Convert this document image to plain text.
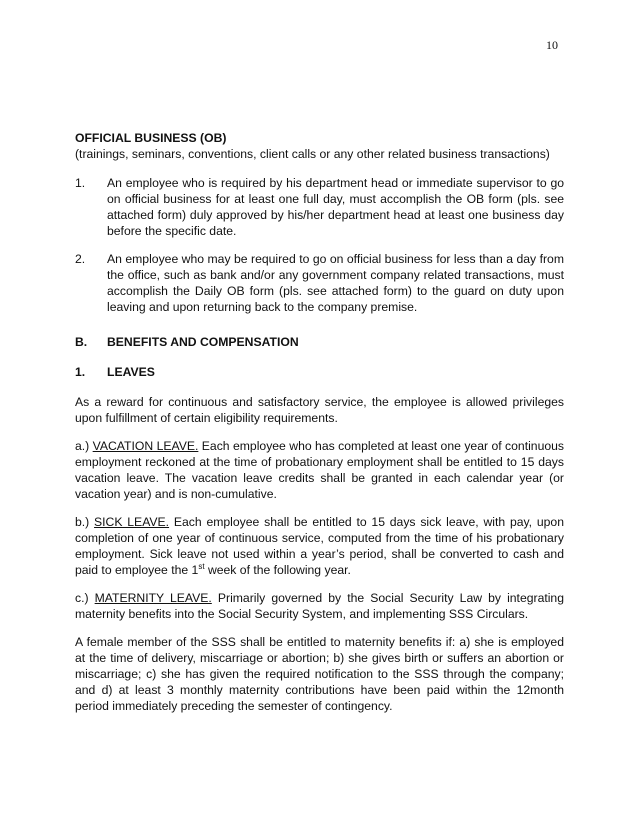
10

OFFICIAL BUSINESS (OB)

(trainings, seminars, conventions, client calls or any other related business transactions)

1.	An employee who is required by his department head or immediate supervisor to go on official business for at least one full day, must accomplish the OB form (pls. see attached form) duly approved by his/her department head at least one business day before the specific date.
2.	An employee who may be required to go on official business for less than a day from the office, such as bank and/or any government company related transactions, must accomplish the Daily OB form (pls. see attached form) to the guard on duty upon leaving and upon returning back to the company premise.
B.	BENEFITS AND COMPENSATION
1.	LEAVES

As a reward for continuous and satisfactory service, the employee is allowed privileges upon fulfillment of certain eligibility requirements.

a.) VACATION LEAVE. Each employee who has completed at least one year of continuous employment reckoned at the time of probationary employment shall be entitled to 15 days vacation leave. The vacation leave credits shall be granted in each calendar year (or vacation year) and is non-cumulative.

b.) SICK LEAVE. Each employee shall be entitled to 15 days sick leave, with pay, upon completion of one year of continuous service, computed from the time of his probationary employment. Sick leave not used within a year’s period, shall be converted to cash and paid to employee the 1st week of the following year.

c.) MATERNITY LEAVE. Primarily governed by the Social Security Law by integrating maternity benefits into the Social Security System, and implementing SSS Circulars.

A female member of the SSS shall be entitled to maternity benefits if: a) she is employed at the time of delivery, miscarriage or abortion; b) she gives birth or suffers an abortion or miscarriage; c) she has given the required notification to the SSS through the company; and d) at least 3 monthly maternity contributions have been paid within the 12month period immediately preceding the semester of contingency.
